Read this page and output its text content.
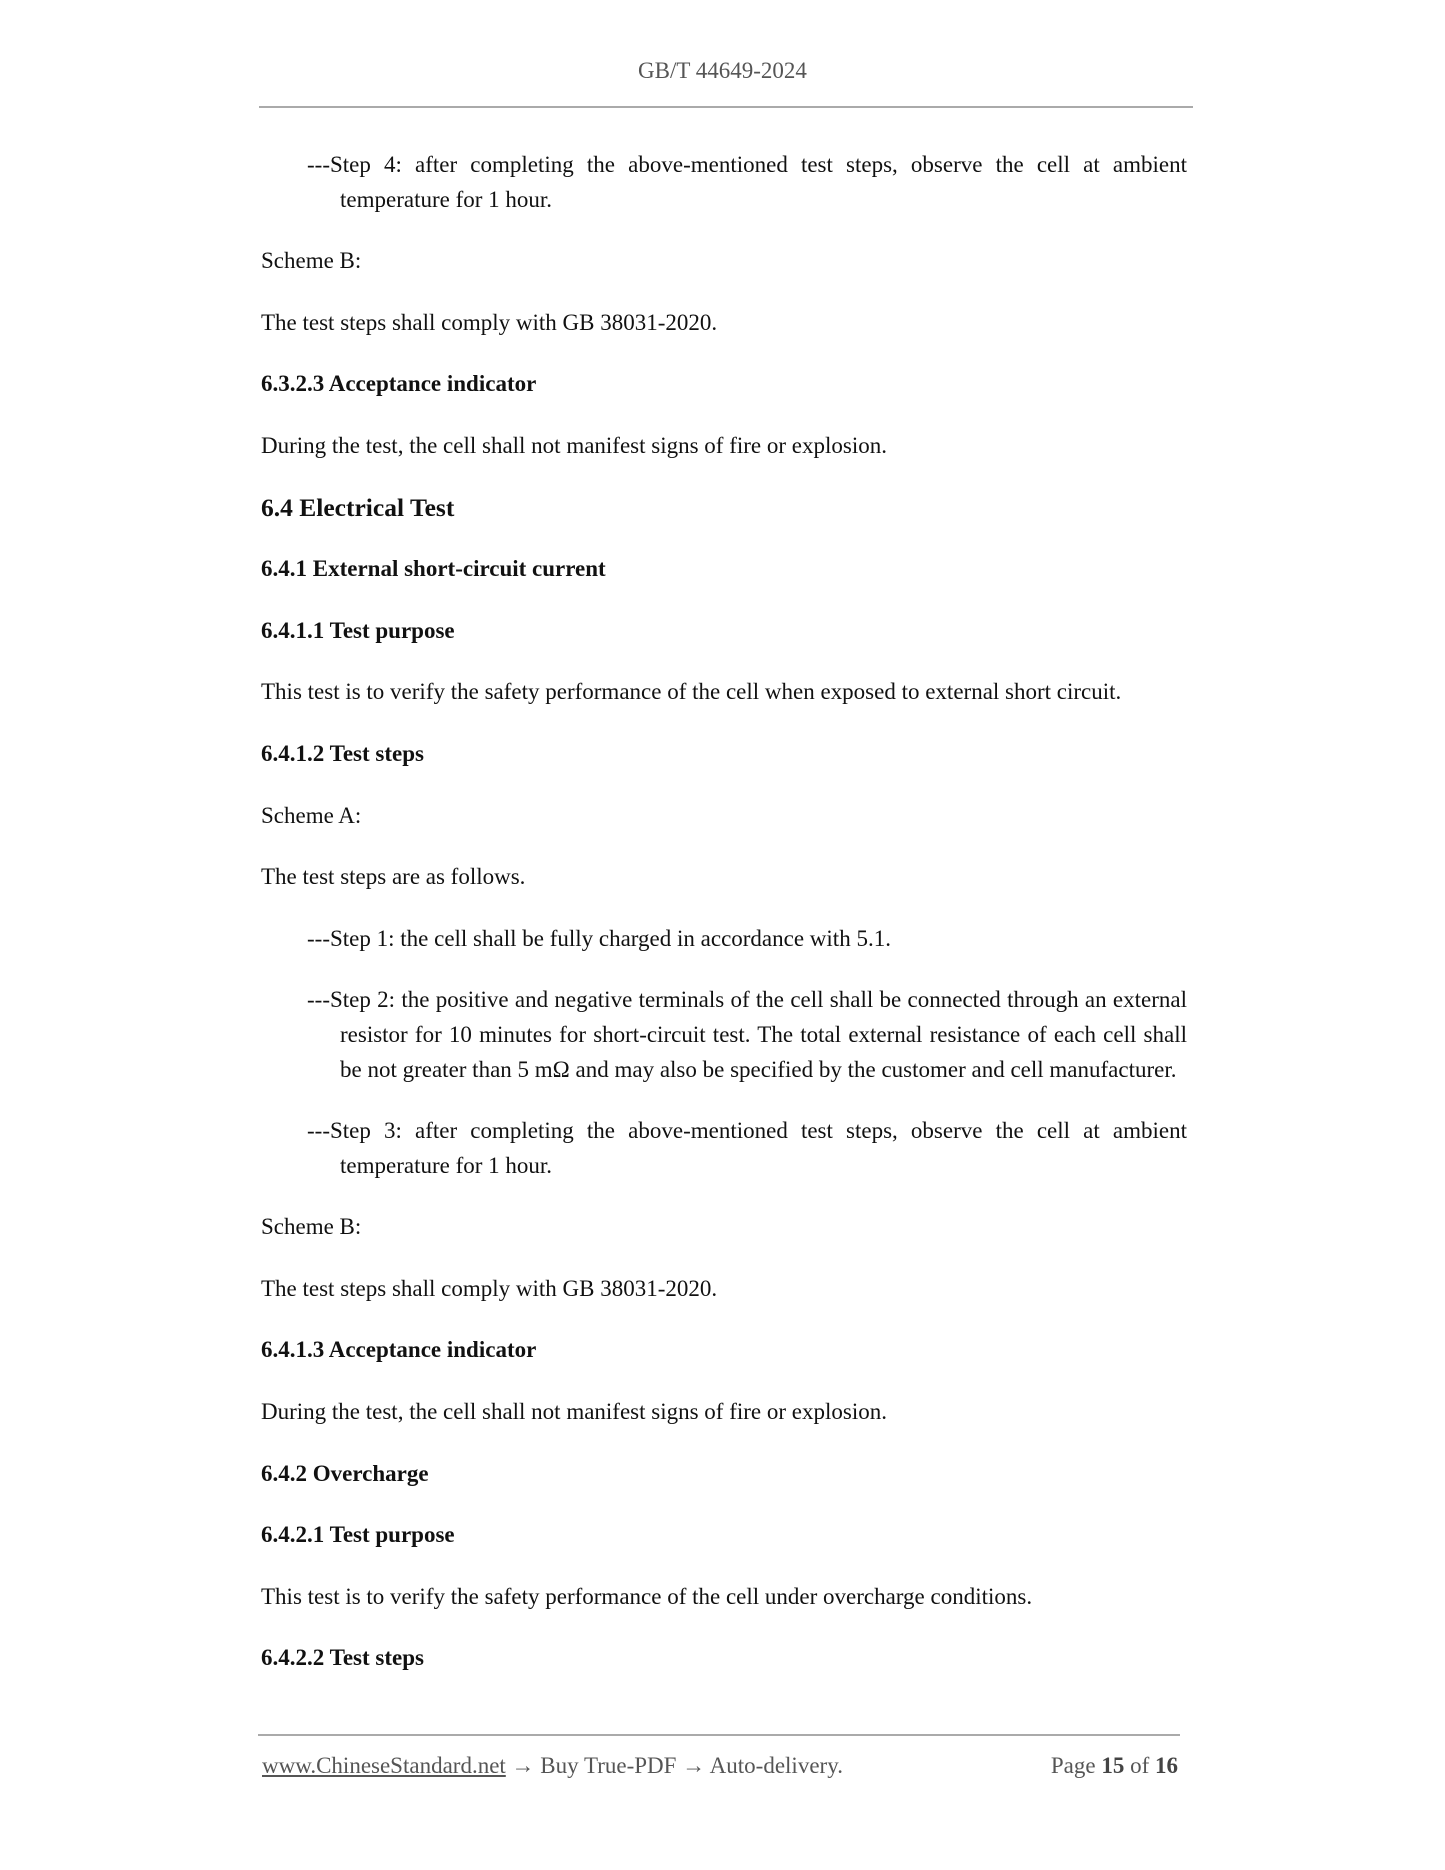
GB/T 44649-2024

---Step 4: after completing the above-mentioned test steps, observe the cell at ambient temperature for 1 hour.

Scheme B:

The test steps shall comply with GB 38031-2020.

6.3.2.3 Acceptance indicator

During the test, the cell shall not manifest signs of fire or explosion.

6.4 Electrical Test

6.4.1 External short-circuit current

6.4.1.1 Test purpose

This test is to verify the safety performance of the cell when exposed to external short circuit.

6.4.1.2 Test steps

Scheme A:

The test steps are as follows.

---Step 1: the cell shall be fully charged in accordance with 5.1.

---Step 2: the positive and negative terminals of the cell shall be connected through an external resistor for 10 minutes for short-circuit test. The total external resistance of each cell shall be not greater than 5 mΩ and may also be specified by the customer and cell manufacturer.

---Step 3: after completing the above-mentioned test steps, observe the cell at ambient temperature for 1 hour.

Scheme B:

The test steps shall comply with GB 38031-2020.

6.4.1.3 Acceptance indicator

During the test, the cell shall not manifest signs of fire or explosion.

6.4.2 Overcharge

6.4.2.1 Test purpose

This test is to verify the safety performance of the cell under overcharge conditions.

6.4.2.2 Test steps

www.ChineseStandard.net → Buy True-PDF → Auto-delivery.	Page 15 of 16
